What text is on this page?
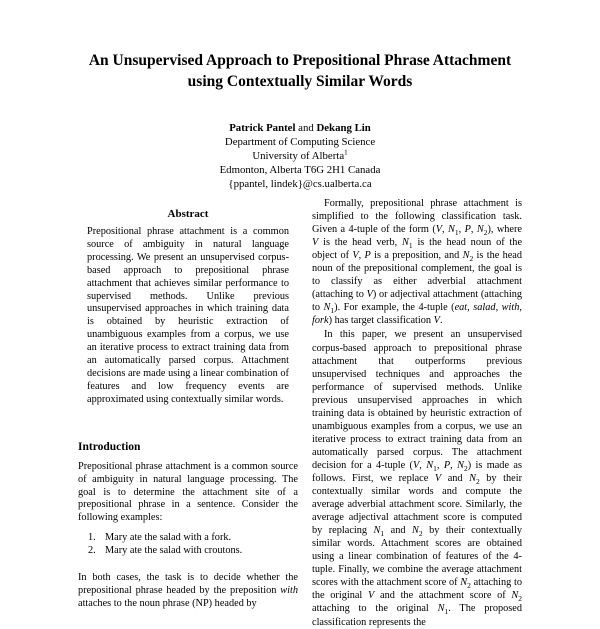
An Unsupervised Approach to Prepositional Phrase Attachment
using Contextually Similar Words
Patrick Pantel and Dekang Lin
Department of Computing Science
University of Alberta$^1$
Edmonton, Alberta T6G 2H1 Canada
{ppantel, lindek}@cs.ualberta.ca
Abstract
Prepositional phrase attachment is a common source of ambiguity in natural language processing. We present an unsupervised corpus-based approach to prepositional phrase attachment that achieves similar performance to supervised methods. Unlike previous unsupervised approaches in which training data is obtained by heuristic extraction of unambiguous examples from a corpus, we use an iterative process to extract training data from an automatically parsed corpus. Attachment decisions are made using a linear combination of features and low frequency events are approximated using contextually similar words.
Introduction
Prepositional phrase attachment is a common source of ambiguity in natural language processing. The goal is to determine the attachment site of a prepositional phrase in a sentence. Consider the following examples:
1. Mary ate the salad with a fork.
2. Mary ate the salad with croutons.
In both cases, the task is to decide whether the prepositional phrase headed by the preposition with attaches to the noun phrase (NP) headed by

Formally, prepositional phrase attachment is simplified to the following classification task. Given a 4-tuple of the form (V, $N_1$, P, $N_2$), where V is the head verb, $N_1$ is the head noun of the object of V, P is a preposition, and $N_2$ is the head noun of the prepositional complement, the goal is to classify as either adverbial attachment (attaching to V) or adjectival attachment (attaching to $N_1$). For example, the 4-tuple (eat, salad, with, fork) has target classification V.

In this paper, we present an unsupervised corpus-based approach to prepositional phrase attachment that outperforms previous unsupervised techniques and approaches the performance of supervised methods. Unlike previous unsupervised approaches in which training data is obtained by heuristic extraction of unambiguous examples from a corpus, we use an iterative process to extract training data from an automatically parsed corpus. The attachment decision for a 4-tuple (V, $N_1$, P, $N_2$) is made as follows. First, we replace V and $N_2$ by their contextually similar words and compute the average adverbial attachment score. Similarly, the average adjectival attachment score is computed by replacing $N_1$ and $N_2$ by their contextually similar words. Attachment scores are obtained using a linear combination of features of the 4-tuple. Finally, we combine the average attachment scores with the attachment score of $N_2$ attaching to the original V and the attachment score of $N_2$ attaching to the original $N_1$. The proposed classification represents the
